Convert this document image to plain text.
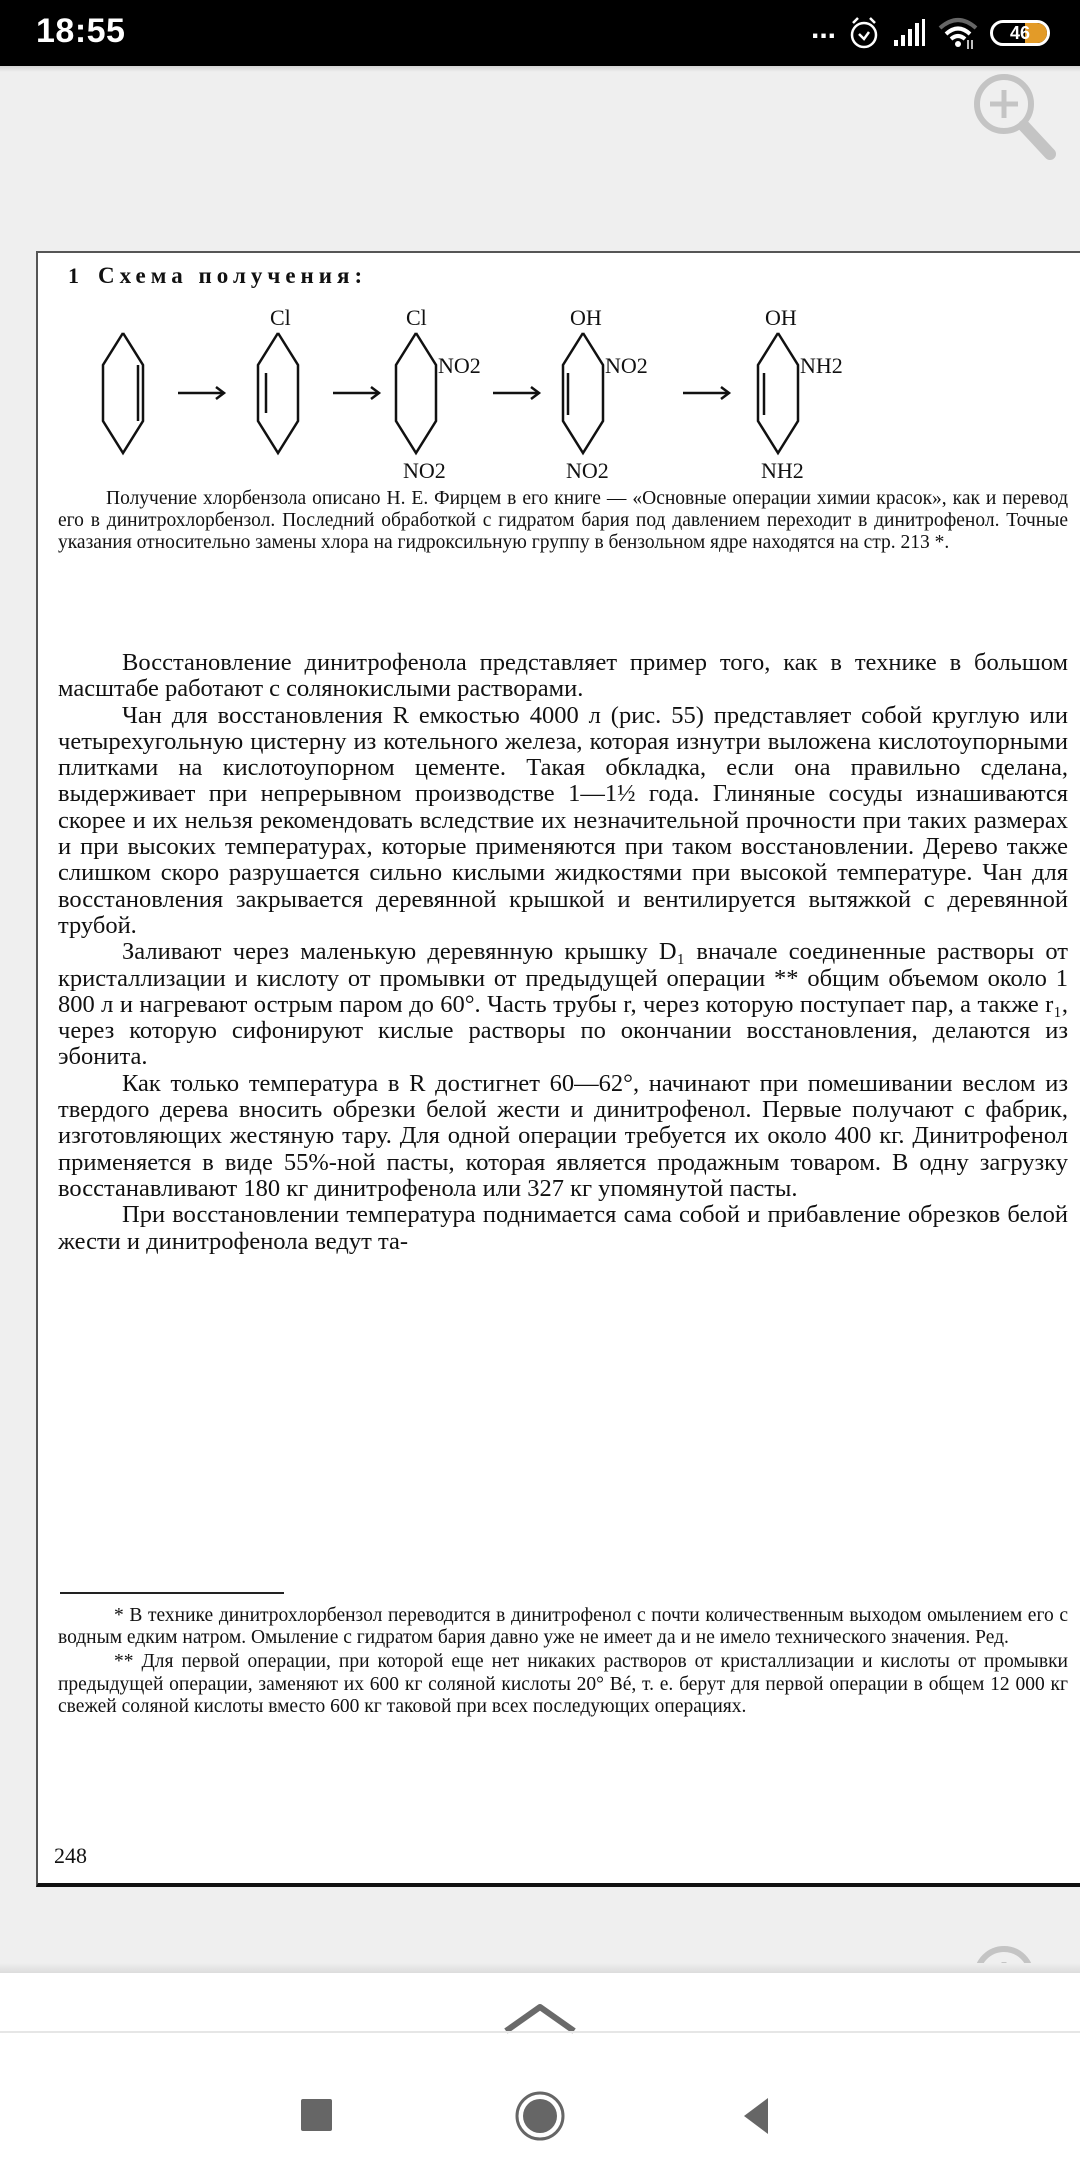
18:55	...	46
1 Схема получения:
Cl	Cl
NO2
NO2
OH
NO2
NO2
OH
NH2
NH2

Получение хлорбензола описано Н. Е. Фирцем в его книге — «Основные операции химии красок», как и перевод его в динитрохлорбензол. Последний обработкой с гидратом бария под давлением переходит в динитрофенол. Точные указания относительно замены хлора на гидроксильную группу в бензольном ядре находятся на стр. 213 *.

Восстановление динитрофенола представляет пример того, как в технике в большом масштабе работают с солянокислыми растворами.

Чан для восстановления R емкостью 4000 л (рис. 55) представляет собой круглую или четырехугольную цистерну из котельного железа, которая изнутри выложена кислотоупорными плитками на кислотоупорном цементе. Такая обкладка, если она правильно сделана, выдерживает при непрерывном производстве 1—1½ года. Глиняные сосуды изнашиваются скорее и их нельзя рекомендовать вследствие их незначительной прочности при таких размерах и при высоких температурах, которые применяются при таком восстановлении. Дерево также слишком скоро разрушается сильно кислыми жидкостями при высокой температуре. Чан для восстановления закрывается деревянной крышкой и вентилируется вытяжкой с деревянной трубой.

Заливают через маленькую деревянную крышку D₁ вначале соединенные растворы от кристаллизации и кислоту от промывки от предыдущей операции ** общим объемом около 1 800 л и нагревают острым паром до 60°. Часть трубы r, через которую поступает пар, а также r₁, через которую сифонируют кислые растворы по окончании восстановления, делаются из эбонита.

Как только температура в R достигнет 60—62°, начинают при помешивании веслом из твердого дерева вносить обрезки белой жести и динитрофенол. Первые получают с фабрик, изготовляющих жестяную тару. Для одной операции требуется их около 400 кг. Динитрофенол применяется в виде 55%-ной пасты, которая является продажным товаром. В одну загрузку восстанавливают 180 кг динитрофенола или 327 кг упомянутой пасты.

При восстановлении температура поднимается сама собой и прибавление обрезков белой жести и динитрофенола ведут та-

* В технике динитрохлорбензол переводится в динитрофенол с почти количественным выходом омылением его с водным едким натром. Омыление с гидратом бария давно уже не имеет да и не имело технического значения. Ред.

** Для первой операции, при которой еще нет никаких растворов от кристаллизации и кислоты от промывки предыдущей операции, заменяют их 600 кг соляной кислоты 20° Bé, т. е. берут для первой операции в общем 12 000 кг свежей соляной кислоты вместо 600 кг таковой при всех последующих операциях.

248
